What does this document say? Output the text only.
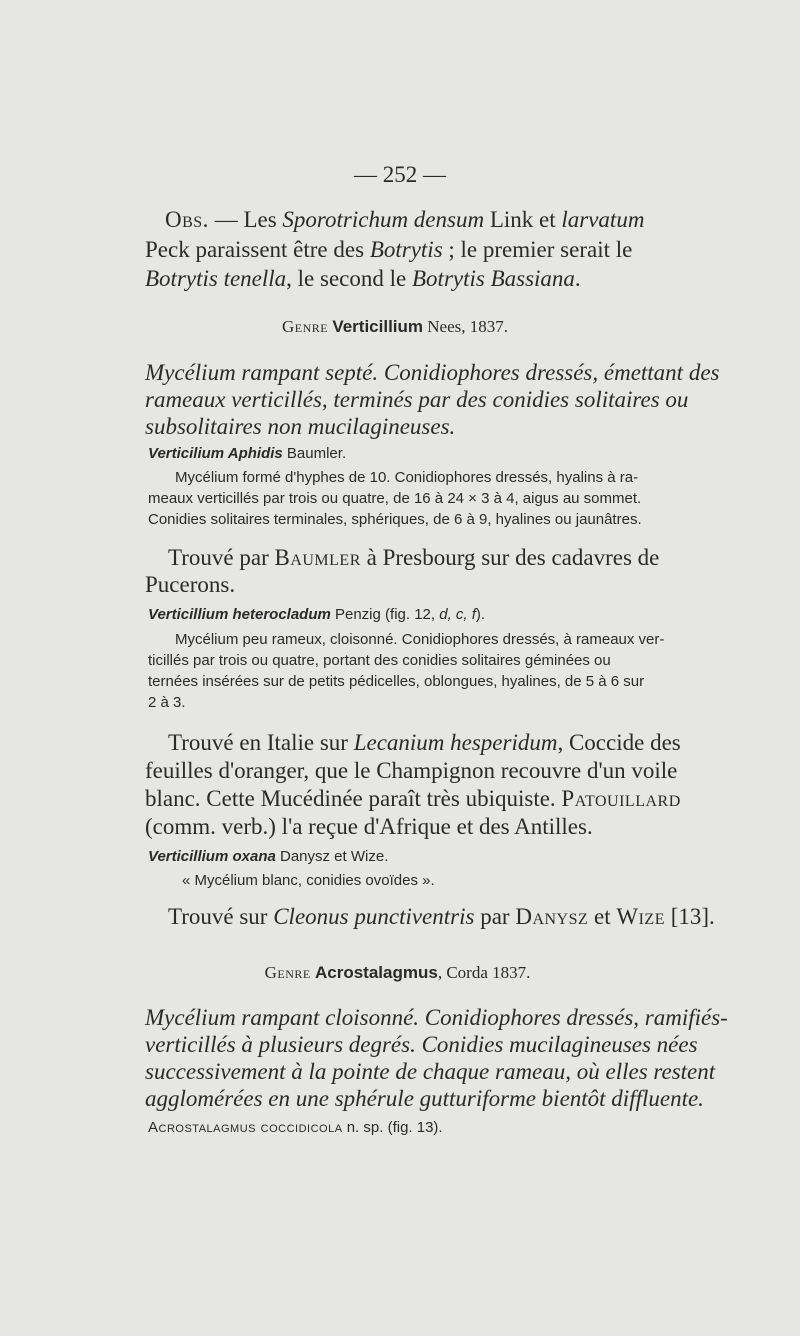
— 252 —
Obs. — Les Sporotrichum densum Link et larvatum
Peck paraissent être des Botrytis ; le premier serait le
Botrytis tenella, le second le Botrytis Bassiana.
Genre Verticillium Nees, 1837.
Mycélium rampant septé. Conidiophores dressés, émettant des
rameaux verticillés, terminés par des conidies solitaires ou
subsolitaires non mucilagineuses.
Verticilium Aphidis Baumler.
Mycélium formé d'hyphes de 10. Conidiophores dressés, hyalins à ra-
meaux verticillés par trois ou quatre, de 16 à 24 × 3 à 4, aigus au sommet.
Conidies solitaires terminales, sphériques, de 6 à 9, hyalines ou jaunâtres.
Trouvé par Baumler à Presbourg sur des cadavres de
Pucerons.
Verticillium heterocladum Penzig (fig. 12, d, c, f).
Mycélium peu rameux, cloisonné. Conidiophores dressés, à rameaux ver-
ticillés par trois ou quatre, portant des conidies solitaires géminées ou
ternées insérées sur de petits pédicelles, oblongues, hyalines, de 5 à 6 sur
2 à 3.
Trouvé en Italie sur Lecanium hesperidum, Coccide des
feuilles d'oranger, que le Champignon recouvre d'un voile
blanc. Cette Mucédinée paraît très ubiquiste. Patouillard
(comm. verb.) l'a reçue d'Afrique et des Antilles.
Verticillium oxana Danysz et Wize.
« Mycélium blanc, conidies ovoïdes ».
Trouvé sur Cleonus punctiventris par Danysz et Wize [13].
Genre Acrostalagmus, Corda 1837.
Mycélium rampant cloisonné. Conidiophores dressés, ramifiés-
verticillés à plusieurs degrés. Conidies mucilagineuses nées
successivement à la pointe de chaque rameau, où elles restent
agglomérées en une sphérule gutturiforme bientôt diffluente.
Acrostalagmus coccidicola n. sp. (fig. 13).
